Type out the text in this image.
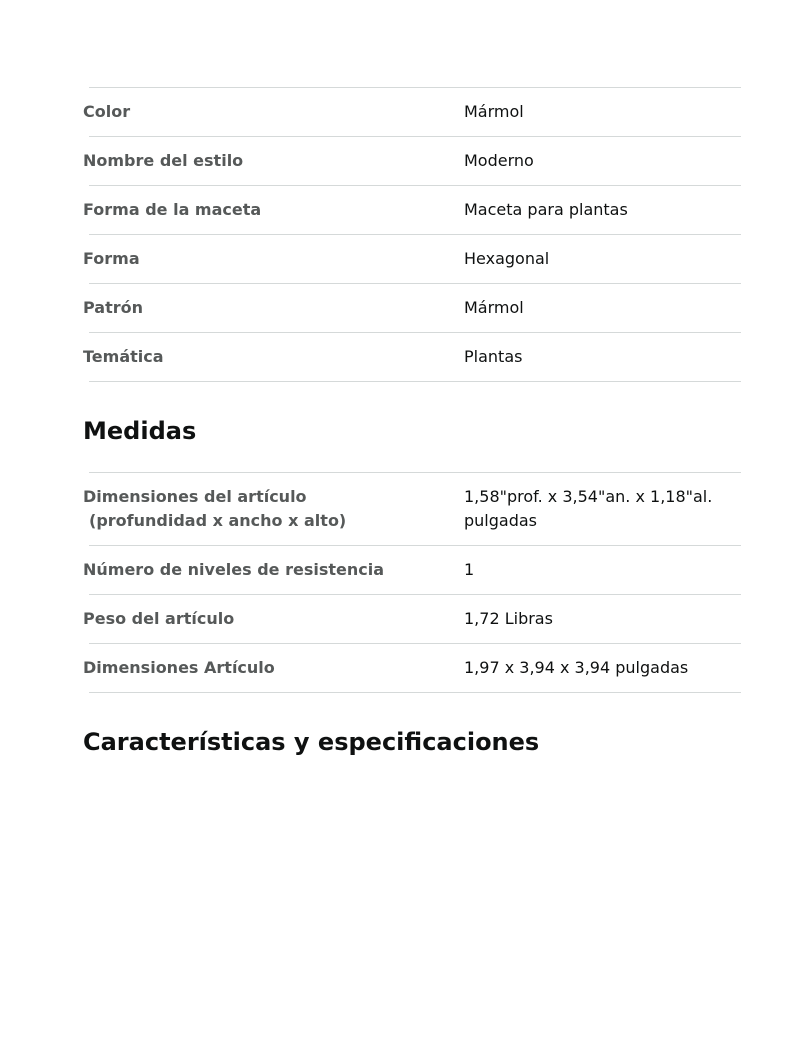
Color	Mármol
Nombre del estilo	Moderno
Forma de la maceta	Maceta para plantas
Forma	Hexagonal
Patrón	Mármol
Temática	Plantas
Medidas
Dimensiones del artículo
(profundidad x ancho x alto)	1,58"prof. x 3,54"an. x 1,18"al.
pulgadas
Número de niveles de resistencia	1
Peso del artículo	1,72 Libras
Dimensiones Artículo	1,97 x 3,94 x 3,94 pulgadas
Características y especificaciones
